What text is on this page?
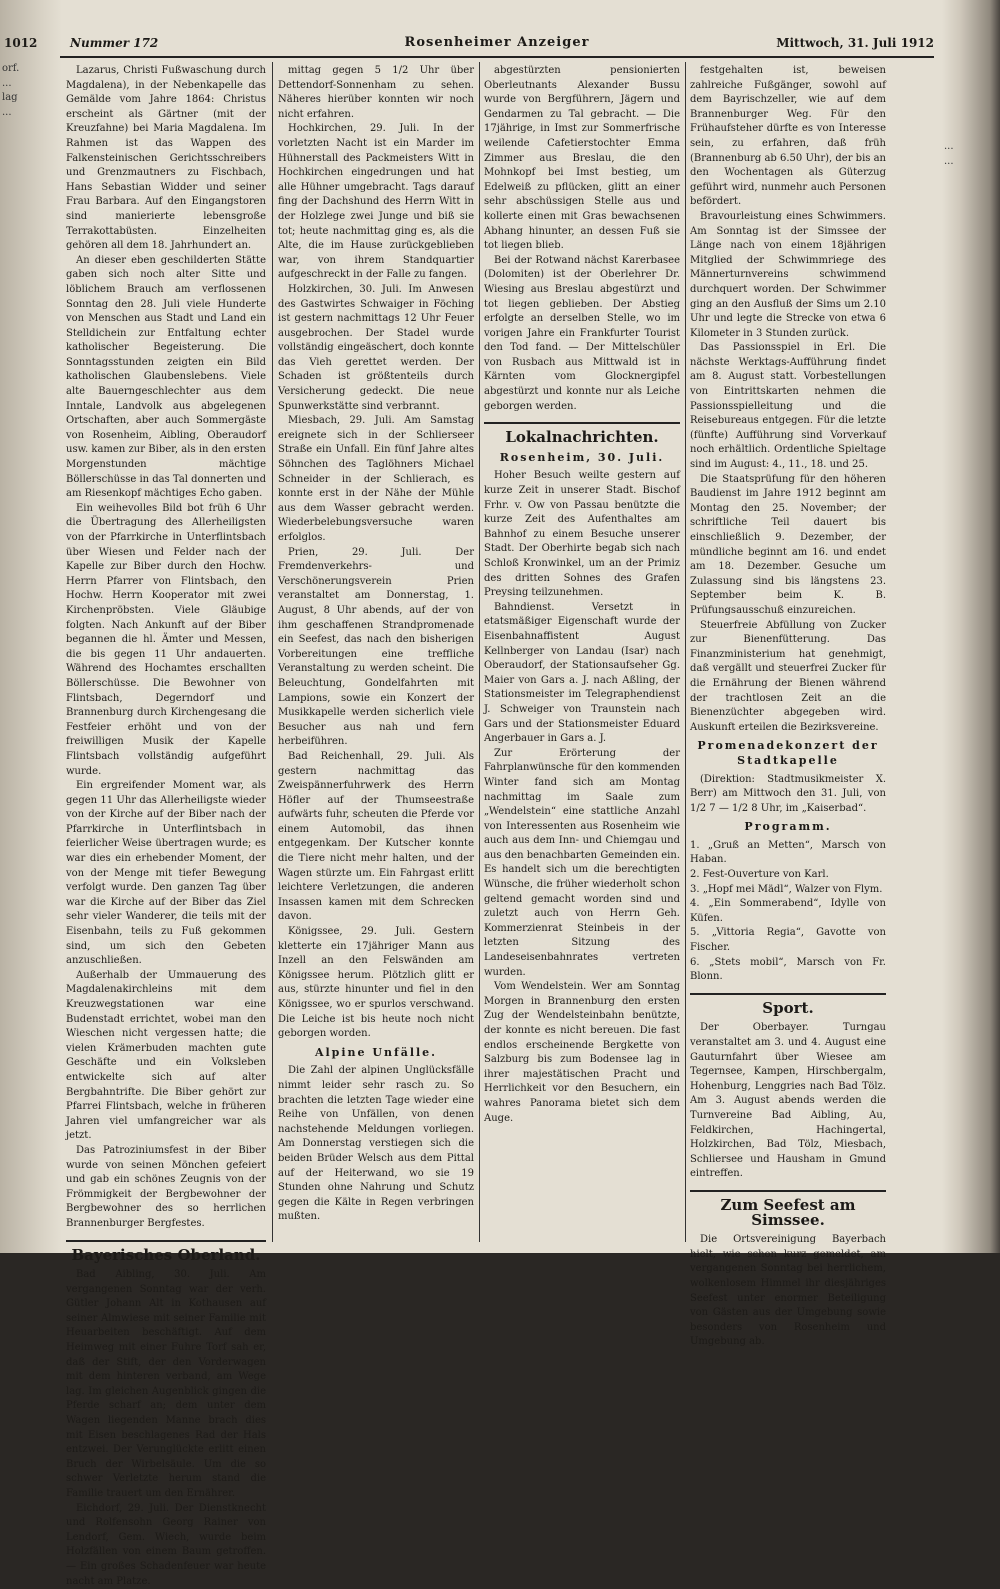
1012	Nummer 172	Rosenheimer Anzeiger	Mittwoch, 31. Juli 1912
orf.
...
lag
...
...
...

Lazarus, Christi Fußwaschung durch Magdalena), in der Nebenkapelle das Gemälde vom Jahre 1864: Christus erscheint als Gärtner (mit der Kreuzfahne) bei Maria Magdalena. Im Rahmen ist das Wappen des Falkensteinischen Gerichtsschreibers und Grenzmautners zu Fischbach, Hans Sebastian Widder und seiner Frau Barbara. Auf den Eingangstoren sind manierierte lebensgroße Terrakottabüsten. Einzelheiten gehören all dem 18. Jahrhundert an.

An dieser eben geschilderten Stätte gaben sich noch alter Sitte und löblichem Brauch am verflossenen Sonntag den 28. Juli viele Hunderte von Menschen aus Stadt und Land ein Stelldichein zur Entfaltung echter katholischer Begeisterung. Die Sonntagsstunden zeigten ein Bild katholischen Glaubenslebens. Viele alte Bauerngeschlechter aus dem Inntale, Landvolk aus abgelegenen Ortschaften, aber auch Sommergäste von Rosenheim, Aibling, Oberaudorf usw. kamen zur Biber, als in den ersten Morgenstunden mächtige Böllerschüsse in das Tal donnerten und am Riesenkopf mächtiges Echo gaben.

Ein weihevolles Bild bot früh 6 Uhr die Übertragung des Allerheiligsten von der Pfarrkirche in Unterflintsbach über Wiesen und Felder nach der Kapelle zur Biber durch den Hochw. Herrn Pfarrer von Flintsbach, den Hochw. Herrn Kooperator mit zwei Kirchenpröbsten. Viele Gläubige folgten. Nach Ankunft auf der Biber begannen die hl. Ämter und Messen, die bis gegen 11 Uhr andauerten. Während des Hochamtes erschallten Böllerschüsse. Die Bewohner von Flintsbach, Degerndorf und Brannenburg durch Kirchengesang die Festfeier erhöht und von der freiwilligen Musik der Kapelle Flintsbach vollständig aufgeführt wurde.

Ein ergreifender Moment war, als gegen 11 Uhr das Allerheiligste wieder von der Kirche auf der Biber nach der Pfarrkirche in Unterflintsbach in feierlicher Weise übertragen wurde; es war dies ein erhebender Moment, der von der Menge mit tiefer Bewegung verfolgt wurde. Den ganzen Tag über war die Kirche auf der Biber das Ziel sehr vieler Wanderer, die teils mit der Eisenbahn, teils zu Fuß gekommen sind, um sich den Gebeten anzuschließen.

Außerhalb der Ummauerung des Magdalenakirchleins mit dem Kreuzwegstationen war eine Budenstadt errichtet, wobei man den Wieschen nicht vergessen hatte; die vielen Krämerbuden machten gute Geschäfte und ein Volksleben entwickelte sich auf alter Bergbahntrifte. Die Biber gehört zur Pfarrei Flintsbach, welche in früheren Jahren viel umfangreicher war als jetzt.

Das Patroziniumsfest in der Biber wurde von seinen Mönchen gefeiert und gab ein schönes Zeugnis von der Frömmigkeit der Bergbewohner der Bergbewohner des so herrlichen Brannenburger Bergfestes.

Bayerisches Oberland.

Bad Aibling, 30. Juli. Am vergangenen Sonntag war der verh. Gütler Johann Alt in Kothausen auf seiner Almwiese mit seiner Familie mit Heuarbeiten beschäftigt. Auf dem Heimweg mit einer Fuhre Torf sah er, daß der Stift, der den Vorderwagen mit dem hinteren verband, am Wege lag. Im gleichen Augenblick gingen die Pferde scharf an; dem unter dem Wagen liegenden Manne brach dies mit Eisen beschlagenes Rad der Hals entzwei. Der Verunglückte erlitt einen Bruch der Wirbelsäule. Um die so schwer Verletzte herum stand die Familie trauert um den Ernährer.

Eichdorf, 29. Juli. Der Dienstknecht und Rolfensohn Georg Rainer von Lendorf, Gem. Wiech, wurde beim Holzfällen von einem Baum getroffen. — Ein großes Schadenfeuer war heute nacht am Platze.

mittag gegen 5 1/2 Uhr über Dettendorf-Sonnenham zu sehen. Näheres hierüber konnten wir noch nicht erfahren.

Hochkirchen, 29. Juli. In der vorletzten Nacht ist ein Marder im Hühnerstall des Packmeisters Witt in Hochkirchen eingedrungen und hat alle Hühner umgebracht. Tags darauf fing der Dachshund des Herrn Witt in der Holzlege zwei Junge und biß sie tot; heute nachmittag ging es, als die Alte, die im Hause zurückgeblieben war, von ihrem Standquartier aufgeschreckt in der Falle zu fangen.

Holzkirchen, 30. Juli. Im Anwesen des Gastwirtes Schwaiger in Föching ist gestern nachmittags 12 Uhr Feuer ausgebrochen. Der Stadel wurde vollständig eingeäschert, doch konnte das Vieh gerettet werden. Der Schaden ist größtenteils durch Versicherung gedeckt. Die neue Spunwerkstätte sind verbrannt.

Miesbach, 29. Juli. Am Samstag ereignete sich in der Schlierseer Straße ein Unfall. Ein fünf Jahre altes Söhnchen des Taglöhners Michael Schneider in der Schlierach, es konnte erst in der Nähe der Mühle aus dem Wasser gebracht werden. Wiederbelebungsversuche waren erfolglos.

Prien, 29. Juli. Der Fremdenverkehrs- und Verschönerungsverein Prien veranstaltet am Donnerstag, 1. August, 8 Uhr abends, auf der von ihm geschaffenen Strandpromenade ein Seefest, das nach den bisherigen Vorbereitungen eine treffliche Veranstaltung zu werden scheint. Die Beleuchtung, Gondelfahrten mit Lampions, sowie ein Konzert der Musikkapelle werden sicherlich viele Besucher aus nah und fern herbeiführen.

Bad Reichenhall, 29. Juli. Als gestern nachmittag das Zweispännerfuhrwerk des Herrn Höfler auf der Thumseestraße aufwärts fuhr, scheuten die Pferde vor einem Automobil, das ihnen entgegenkam. Der Kutscher konnte die Tiere nicht mehr halten, und der Wagen stürzte um. Ein Fahrgast erlitt leichtere Verletzungen, die anderen Insassen kamen mit dem Schrecken davon.

Königssee, 29. Juli. Gestern kletterte ein 17jähriger Mann aus Inzell an den Felswänden am Königssee herum. Plötzlich glitt er aus, stürzte hinunter und fiel in den Königssee, wo er spurlos verschwand. Die Leiche ist bis heute noch nicht geborgen worden.

Alpine Unfälle.

Die Zahl der alpinen Unglücksfälle nimmt leider sehr rasch zu. So brachten die letzten Tage wieder eine Reihe von Unfällen, von denen nachstehende Meldungen vorliegen. Am Donnerstag verstiegen sich die beiden Brüder Welsch aus dem Pittal auf der Heiterwand, wo sie 19 Stunden ohne Nahrung und Schutz gegen die Kälte in Regen verbringen mußten.

abgestürzten pensionierten Oberleutnants Alexander Bussu wurde von Bergführern, Jägern und Gendarmen zu Tal gebracht. — Die 17jährige, in Imst zur Sommerfrische weilende Cafetierstochter Emma Zimmer aus Breslau, die den Mohnkopf bei Imst bestieg, um Edelweiß zu pflücken, glitt an einer sehr abschüssigen Stelle aus und kollerte einen mit Gras bewachsenen Abhang hinunter, an dessen Fuß sie tot liegen blieb.

Bei der Rotwand nächst Karerbasee (Dolomiten) ist der Oberlehrer Dr. Wiesing aus Breslau abgestürzt und tot liegen geblieben. Der Abstieg erfolgte an derselben Stelle, wo im vorigen Jahre ein Frankfurter Tourist den Tod fand. — Der Mittelschüler von Rusbach aus Mittwald ist in Kärnten vom Glocknergipfel abgestürzt und konnte nur als Leiche geborgen werden.

Lokalnachrichten.
Rosenheim, 30. Juli.

Hoher Besuch weilte gestern auf kurze Zeit in unserer Stadt. Bischof Frhr. v. Ow von Passau benützte die kurze Zeit des Aufenthaltes am Bahnhof zu einem Besuche unserer Stadt. Der Oberhirte begab sich nach Schloß Kronwinkel, um an der Primiz des dritten Sohnes des Grafen Preysing teilzunehmen.

Bahndienst. Versetzt in etatsmäßiger Eigenschaft wurde der Eisenbahnaffistent August Kellnberger von Landau (Isar) nach Oberaudorf, der Stationsaufseher Gg. Maier von Gars a. J. nach Aßling, der Stationsmeister im Telegraphendienst J. Schweiger von Traunstein nach Gars und der Stationsmeister Eduard Angerbauer in Gars a. J.

Zur Erörterung der Fahrplanwünsche für den kommenden Winter fand sich am Montag nachmittag im Saale zum „Wendelstein“ eine stattliche Anzahl von Interessenten aus Rosenheim wie auch aus dem Inn- und Chiemgau und aus den benachbarten Gemeinden ein. Es handelt sich um die berechtigten Wünsche, die früher wiederholt schon geltend gemacht worden sind und zuletzt auch von Herrn Geh. Kommerzienrat Steinbeis in der letzten Sitzung des Landeseisenbahnrates vertreten wurden.

Vom Wendelstein. Wer am Sonntag Morgen in Brannenburg den ersten Zug der Wendelsteinbahn benützte, der konnte es nicht bereuen. Die fast endlos erscheinende Bergkette von Salzburg bis zum Bodensee lag in ihrer majestätischen Pracht und Herrlichkeit vor den Besuchern, ein wahres Panorama bietet sich dem Auge.

festgehalten ist, beweisen zahlreiche Fußgänger, sowohl auf dem Bayrischzeller, wie auf dem Brannenburger Weg. Für den Frühaufsteher dürfte es von Interesse sein, zu erfahren, daß früh (Brannenburg ab 6.50 Uhr), der bis an den Wochentagen als Güterzug geführt wird, nunmehr auch Personen befördert.

Bravourleistung eines Schwimmers. Am Sonntag ist der Simssee der Länge nach von einem 18jährigen Mitglied der Schwimmriege des Männerturnvereins schwimmend durchquert worden. Der Schwimmer ging an den Ausfluß der Sims um 2.10 Uhr und legte die Strecke von etwa 6 Kilometer in 3 Stunden zurück.

Das Passionsspiel in Erl. Die nächste Werktags-Aufführung findet am 8. August statt. Vorbestellungen von Eintrittskarten nehmen die Passionsspielleitung und die Reisebureaus entgegen. Für die letzte (fünfte) Aufführung sind Vorverkauf noch erhältlich. Ordentliche Spieltage sind im August: 4., 11., 18. und 25.

Die Staatsprüfung für den höheren Baudienst im Jahre 1912 beginnt am Montag den 25. November; der schriftliche Teil dauert bis einschließlich 9. Dezember, der mündliche beginnt am 16. und endet am 18. Dezember. Gesuche um Zulassung sind bis längstens 23. September beim K. B. Prüfungsausschuß einzureichen.

Steuerfreie Abfüllung von Zucker zur Bienenfütterung. Das Finanzministerium hat genehmigt, daß vergällt und steuerfrei Zucker für die Ernährung der Bienen während der trachtlosen Zeit an die Bienenzüchter abgegeben wird. Auskunft erteilen die Bezirksvereine.

Promenadekonzert der Stadtkapelle

(Direktion: Stadtmusikmeister X. Berr) am Mittwoch den 31. Juli, von 1/2 7 — 1/2 8 Uhr, im „Kaiserbad“.

Programm.
1. „Gruß an Metten“, Marsch von Haban.
2. Fest-Ouverture von Karl.
3. „Hopf mei Mädl“, Walzer von Flym.
4. „Ein Sommerabend“, Idylle von Küfen.
5. „Vittoria Regia“, Gavotte von Fischer.
6. „Stets mobil“, Marsch von Fr. Blonn.
Sport.

Der Oberbayer. Turngau veranstaltet am 3. und 4. August eine Gauturnfahrt über Wiesee am Tegernsee, Kampen, Hirschbergalm, Hohenburg, Lenggries nach Bad Tölz. Am 3. August abends werden die Turnvereine Bad Aibling, Au, Feldkirchen, Hachingertal, Holzkirchen, Bad Tölz, Miesbach, Schliersee und Hausham in Gmund eintreffen.

Zum Seefest am Simssee.

Die Ortsvereinigung Bayerbach hielt, wie schon kurz gemeldet, am vergangenen Sonntag bei herrlichem, wolkenlosem Himmel ihr diesjähriges Seefest unter enormer Beteiligung von Gästen aus der Umgebung sowie besonders von Rosenheim und Umgebung ab.
